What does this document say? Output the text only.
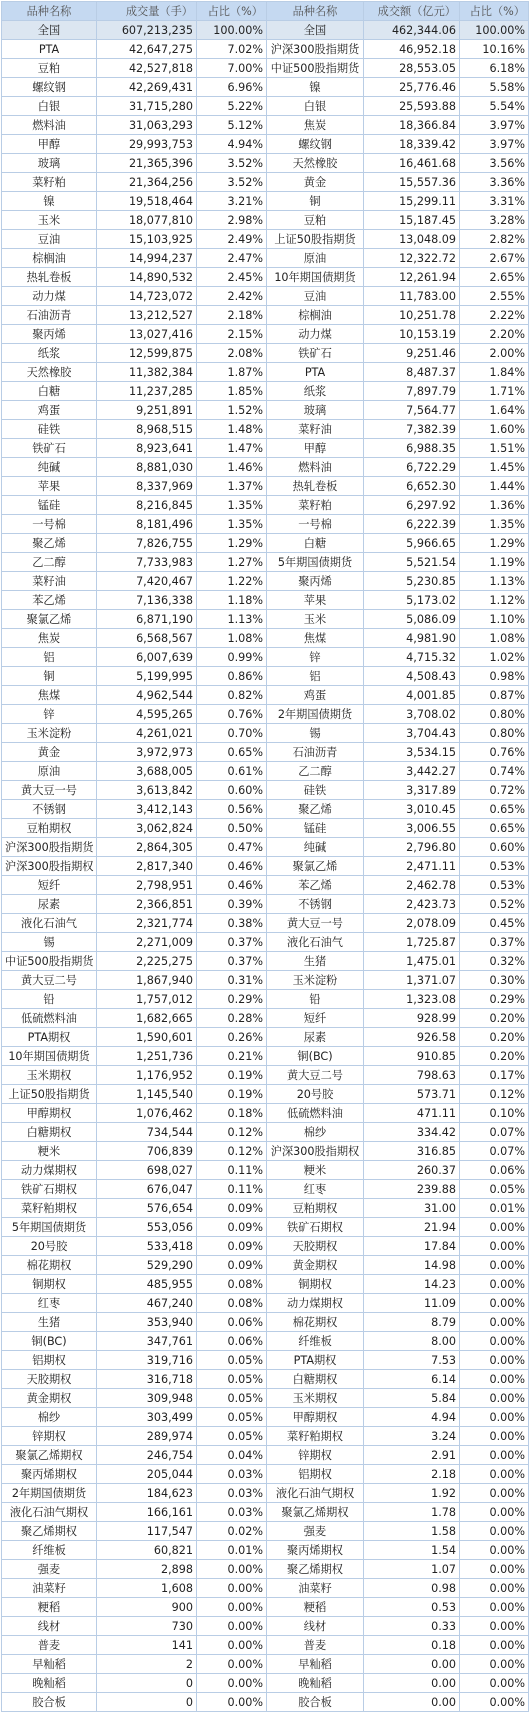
品种名称	成交量（手）	占比（%）	品种名称	成交额（亿元）	占比（%）
全国	607,213,235	100.00%	全国	462,344.06	100.00%
PTA	42,647,275	7.02%	沪深300股指期货	46,952.18	10.16%
豆粕	42,527,818	7.00%	中证500股指期货	28,553.05	6.18%
螺纹钢	42,269,431	6.96%	镍	25,776.46	5.58%
白银	31,715,280	5.22%	白银	25,593.88	5.54%
燃料油	31,063,293	5.12%	焦炭	18,366.84	3.97%
甲醇	29,993,753	4.94%	螺纹钢	18,339.42	3.97%
玻璃	21,365,396	3.52%	天然橡胶	16,461.68	3.56%
菜籽粕	21,364,256	3.52%	黄金	15,557.36	3.36%
镍	19,518,464	3.21%	铜	15,299.11	3.31%
玉米	18,077,810	2.98%	豆粕	15,187.45	3.28%
豆油	15,103,925	2.49%	上证50股指期货	13,048.09	2.82%
棕榈油	14,994,237	2.47%	原油	12,322.72	2.67%
热轧卷板	14,890,532	2.45%	10年期国债期货	12,261.94	2.65%
动力煤	14,723,072	2.42%	豆油	11,783.00	2.55%
石油沥青	13,212,527	2.18%	棕榈油	10,251.78	2.22%
聚丙烯	13,027,416	2.15%	动力煤	10,153.19	2.20%
纸浆	12,599,875	2.08%	铁矿石	9,251.46	2.00%
天然橡胶	11,382,384	1.87%	PTA	8,487.37	1.84%
白糖	11,237,285	1.85%	纸浆	7,897.79	1.71%
鸡蛋	9,251,891	1.52%	玻璃	7,564.77	1.64%
硅铁	8,968,515	1.48%	菜籽油	7,382.39	1.60%
铁矿石	8,923,641	1.47%	甲醇	6,988.35	1.51%
纯碱	8,881,030	1.46%	燃料油	6,722.29	1.45%
苹果	8,337,969	1.37%	热轧卷板	6,652.30	1.44%
锰硅	8,216,845	1.35%	菜籽粕	6,297.92	1.36%
一号棉	8,181,496	1.35%	一号棉	6,222.39	1.35%
聚乙烯	7,826,755	1.29%	白糖	5,966.65	1.29%
乙二醇	7,733,983	1.27%	5年期国债期货	5,521.54	1.19%
菜籽油	7,420,467	1.22%	聚丙烯	5,230.85	1.13%
苯乙烯	7,136,338	1.18%	苹果	5,173.02	1.12%
聚氯乙烯	6,871,190	1.13%	玉米	5,086.09	1.10%
焦炭	6,568,567	1.08%	焦煤	4,981.90	1.08%
铝	6,007,639	0.99%	锌	4,715.32	1.02%
铜	5,199,995	0.86%	铝	4,508.43	0.98%
焦煤	4,962,544	0.82%	鸡蛋	4,001.85	0.87%
锌	4,595,265	0.76%	2年期国债期货	3,708.02	0.80%
玉米淀粉	4,261,021	0.70%	锡	3,704.43	0.80%
黄金	3,972,973	0.65%	石油沥青	3,534.15	0.76%
原油	3,688,005	0.61%	乙二醇	3,442.27	0.74%
黄大豆一号	3,613,842	0.60%	硅铁	3,317.89	0.72%
不锈钢	3,412,143	0.56%	聚乙烯	3,010.45	0.65%
豆粕期权	3,062,824	0.50%	锰硅	3,006.55	0.65%
沪深300股指期货	2,864,305	0.47%	纯碱	2,796.80	0.60%
沪深300股指期权	2,817,340	0.46%	聚氯乙烯	2,471.11	0.53%
短纤	2,798,951	0.46%	苯乙烯	2,462.78	0.53%
尿素	2,366,851	0.39%	不锈钢	2,423.73	0.52%
液化石油气	2,321,774	0.38%	黄大豆一号	2,078.09	0.45%
锡	2,271,009	0.37%	液化石油气	1,725.87	0.37%
中证500股指期货	2,225,275	0.37%	生猪	1,475.01	0.32%
黄大豆二号	1,867,940	0.31%	玉米淀粉	1,371.07	0.30%
铅	1,757,012	0.29%	铅	1,323.08	0.29%
低硫燃料油	1,682,665	0.28%	短纤	928.99	0.20%
PTA期权	1,590,601	0.26%	尿素	926.58	0.20%
10年期国债期货	1,251,736	0.21%	铜(BC)	910.85	0.20%
玉米期权	1,176,952	0.19%	黄大豆二号	798.63	0.17%
上证50股指期货	1,145,540	0.19%	20号胶	573.71	0.12%
甲醇期权	1,076,462	0.18%	低硫燃料油	471.11	0.10%
白糖期权	734,544	0.12%	棉纱	334.42	0.07%
粳米	706,839	0.12%	沪深300股指期权	316.85	0.07%
动力煤期权	698,027	0.11%	粳米	260.37	0.06%
铁矿石期权	676,047	0.11%	红枣	239.88	0.05%
菜籽粕期权	576,654	0.09%	豆粕期权	31.00	0.01%
5年期国债期货	553,056	0.09%	铁矿石期权	21.94	0.00%
20号胶	533,418	0.09%	天胶期权	17.84	0.00%
棉花期权	529,290	0.09%	黄金期权	14.98	0.00%
铜期权	485,955	0.08%	铜期权	14.23	0.00%
红枣	467,240	0.08%	动力煤期权	11.09	0.00%
生猪	353,940	0.06%	棉花期权	8.79	0.00%
铜(BC)	347,761	0.06%	纤维板	8.00	0.00%
铝期权	319,716	0.05%	PTA期权	7.53	0.00%
天胶期权	316,718	0.05%	白糖期权	6.14	0.00%
黄金期权	309,948	0.05%	玉米期权	5.84	0.00%
棉纱	303,499	0.05%	甲醇期权	4.94	0.00%
锌期权	289,974	0.05%	菜籽粕期权	3.24	0.00%
聚氯乙烯期权	246,754	0.04%	锌期权	2.91	0.00%
聚丙烯期权	205,044	0.03%	铝期权	2.18	0.00%
2年期国债期货	184,623	0.03%	液化石油气期权	1.92	0.00%
液化石油气期权	166,161	0.03%	聚氯乙烯期权	1.78	0.00%
聚乙烯期权	117,547	0.02%	强麦	1.58	0.00%
纤维板	60,821	0.01%	聚丙烯期权	1.54	0.00%
强麦	2,898	0.00%	聚乙烯期权	1.07	0.00%
油菜籽	1,608	0.00%	油菜籽	0.98	0.00%
粳稻	900	0.00%	粳稻	0.53	0.00%
线材	730	0.00%	线材	0.33	0.00%
普麦	141	0.00%	普麦	0.18	0.00%
早籼稻	2	0.00%	早籼稻	0.00	0.00%
晚籼稻	0	0.00%	晚籼稻	0.00	0.00%
胶合板	0	0.00%	胶合板	0.00	0.00%
